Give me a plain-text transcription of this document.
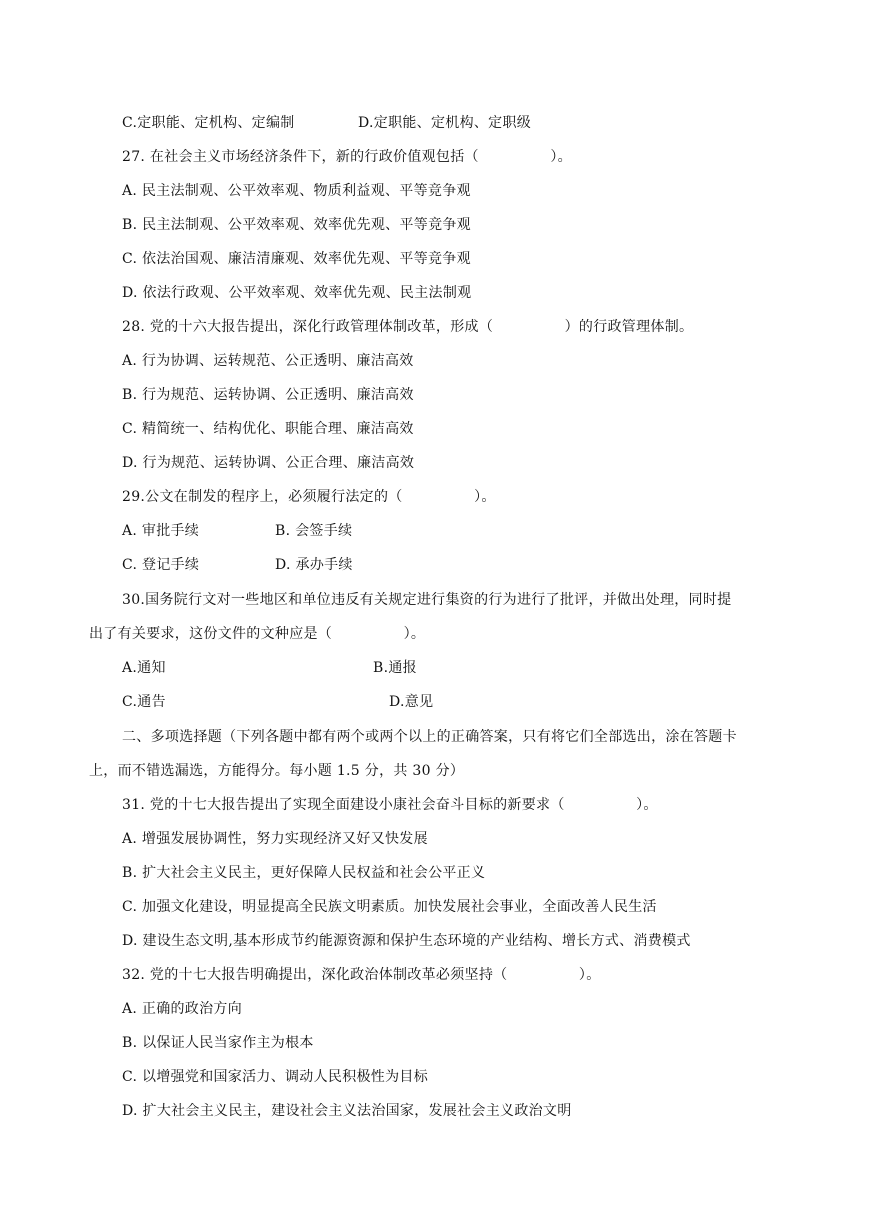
C.定职能、定机构、定编制	D.定职能、定机构、定职级
27. 在社会主义市场经济条件下，新的行政价值观包括（　　　　　）。
A. 民主法制观、公平效率观、物质利益观、平等竞争观
B. 民主法制观、公平效率观、效率优先观、平等竞争观
C. 依法治国观、廉洁清廉观、效率优先观、平等竞争观
D. 依法行政观、公平效率观、效率优先观、民主法制观
28. 党的十六大报告提出，深化行政管理体制改革，形成（　　　　　）的行政管理体制。
A. 行为协调、运转规范、公正透明、廉洁高效
B. 行为规范、运转协调、公正透明、廉洁高效
C. 精简统一、结构优化、职能合理、廉洁高效
D. 行为规范、运转协调、公正合理、廉洁高效
29.公文在制发的程序上，必须履行法定的（　　　　　）。
A. 审批手续	B. 会签手续
C. 登记手续	D. 承办手续
30.国务院行文对一些地区和单位违反有关规定进行集资的行为进行了批评，并做出处理，同时提
出了有关要求，这份文件的文种应是（　　　　　）。
A.通知	B.通报
C.通告	D.意见
二、多项选择题（下列各题中都有两个或两个以上的正确答案，只有将它们全部选出，涂在答题卡
上，而不错选漏选，方能得分。每小题 1.5 分，共 30 分）
31. 党的十七大报告提出了实现全面建设小康社会奋斗目标的新要求（　　　　　）。
A. 增强发展协调性，努力实现经济又好又快发展
B. 扩大社会主义民主，更好保障人民权益和社会公平正义
C. 加强文化建设，明显提高全民族文明素质。加快发展社会事业，全面改善人民生活
D. 建设生态文明,基本形成节约能源资源和保护生态环境的产业结构、增长方式、消费模式
32. 党的十七大报告明确提出，深化政治体制改革必须坚持（　　　　　）。
A. 正确的政治方向
B. 以保证人民当家作主为根本
C. 以增强党和国家活力、调动人民积极性为目标
D. 扩大社会主义民主，建设社会主义法治国家，发展社会主义政治文明
